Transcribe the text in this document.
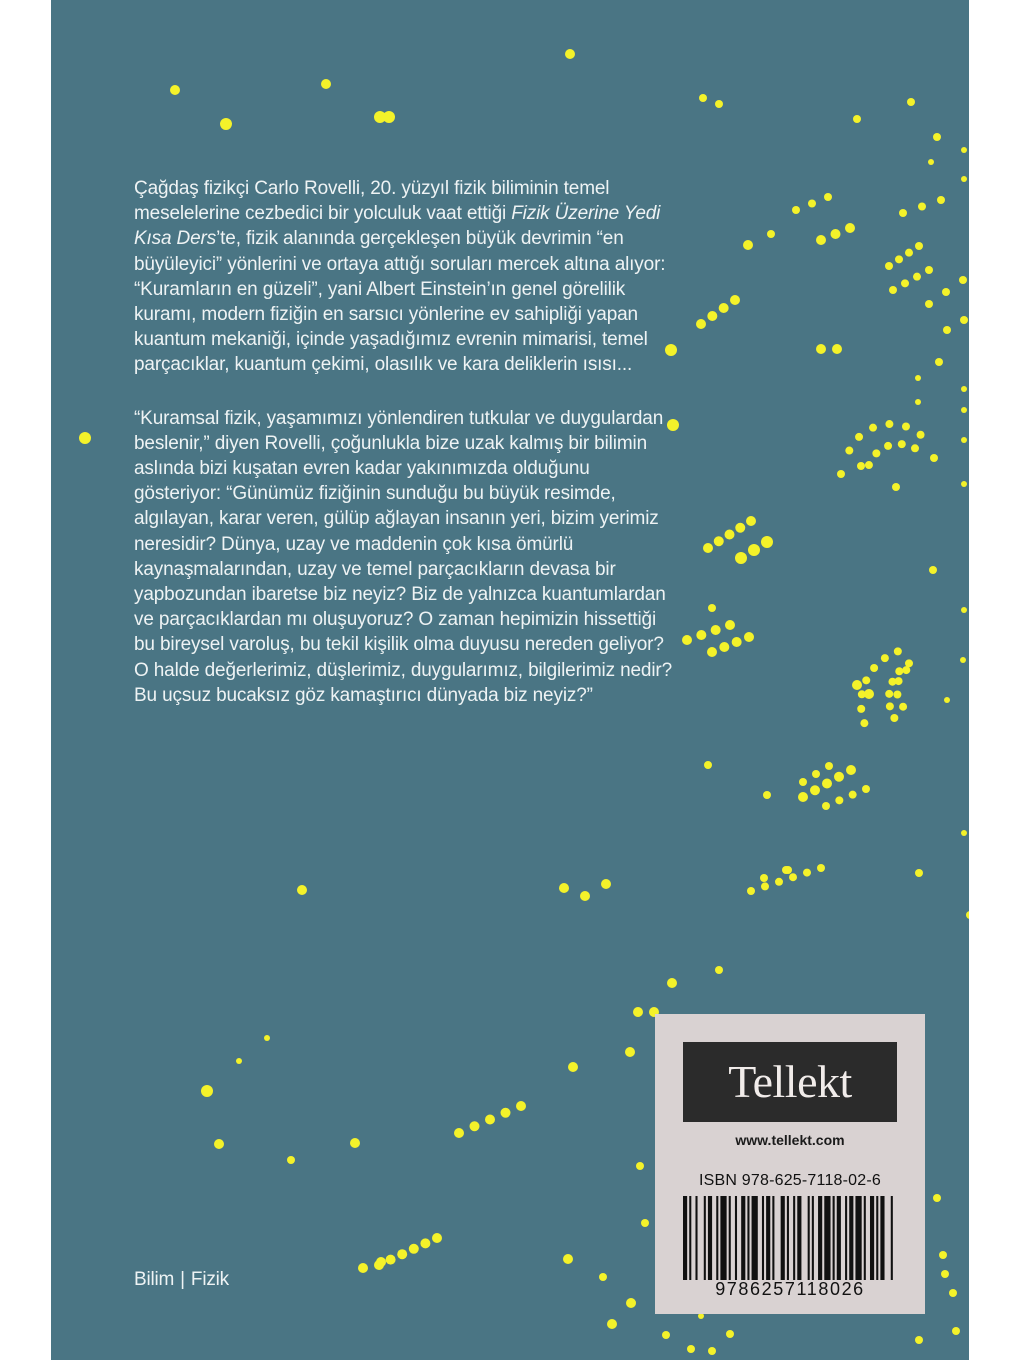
Çağdaş fizikçi Carlo Rovelli, 20. yüzyıl fizik biliminin temel meselelerine cezbedici bir yolculuk vaat ettiği Fizik Üzerine Yedi Kısa Ders’te, fizik alanında gerçekleşen büyük devrimin “en büyüleyici” yönlerini ve ortaya attığı soruları mercek altına alıyor: “Kuramların en güzeli”, yani Albert Einstein’ın genel görelilik kuramı, modern fiziğin en sarsıcı yönlerine ev sahipliği yapan kuantum mekaniği, içinde yaşadığımız evrenin mimarisi, temel parçacıklar, kuantum çekimi, olasılık ve kara deliklerin ısısı...

“Kuramsal fizik, yaşamımızı yönlendiren tutkular ve duygulardan beslenir,” diyen Rovelli, çoğunlukla bize uzak kalmış bir bilimin aslında bizi kuşatan evren kadar yakınımızda olduğunu gösteriyor: “Günümüz fiziğinin sunduğu bu büyük resimde, algılayan, karar veren, gülüp ağlayan insanın yeri, bizim yerimiz neresidir? Dünya, uzay ve maddenin çok kısa ömürlü kaynaşmalarından, uzay ve temel parçacıkların devasa bir yapbozundan ibaretse biz neyiz? Biz de yalnızca kuantumlardan ve parçacıklardan mı oluşuyoruz? O zaman hepimizin hissettiği bu bireysel varoluş, bu tekil kişilik olma duyusu nereden geliyor? O halde değerlerimiz, düşlerimiz, duygularımız, bilgilerimiz nedir? Bu uçsuz bucaksız göz kamaştırıcı dünyada biz neyiz?”

Bilim | Fizik
Tellekt
www.tellekt.com
ISBN 978-625-7118-02-6
9786257118026
